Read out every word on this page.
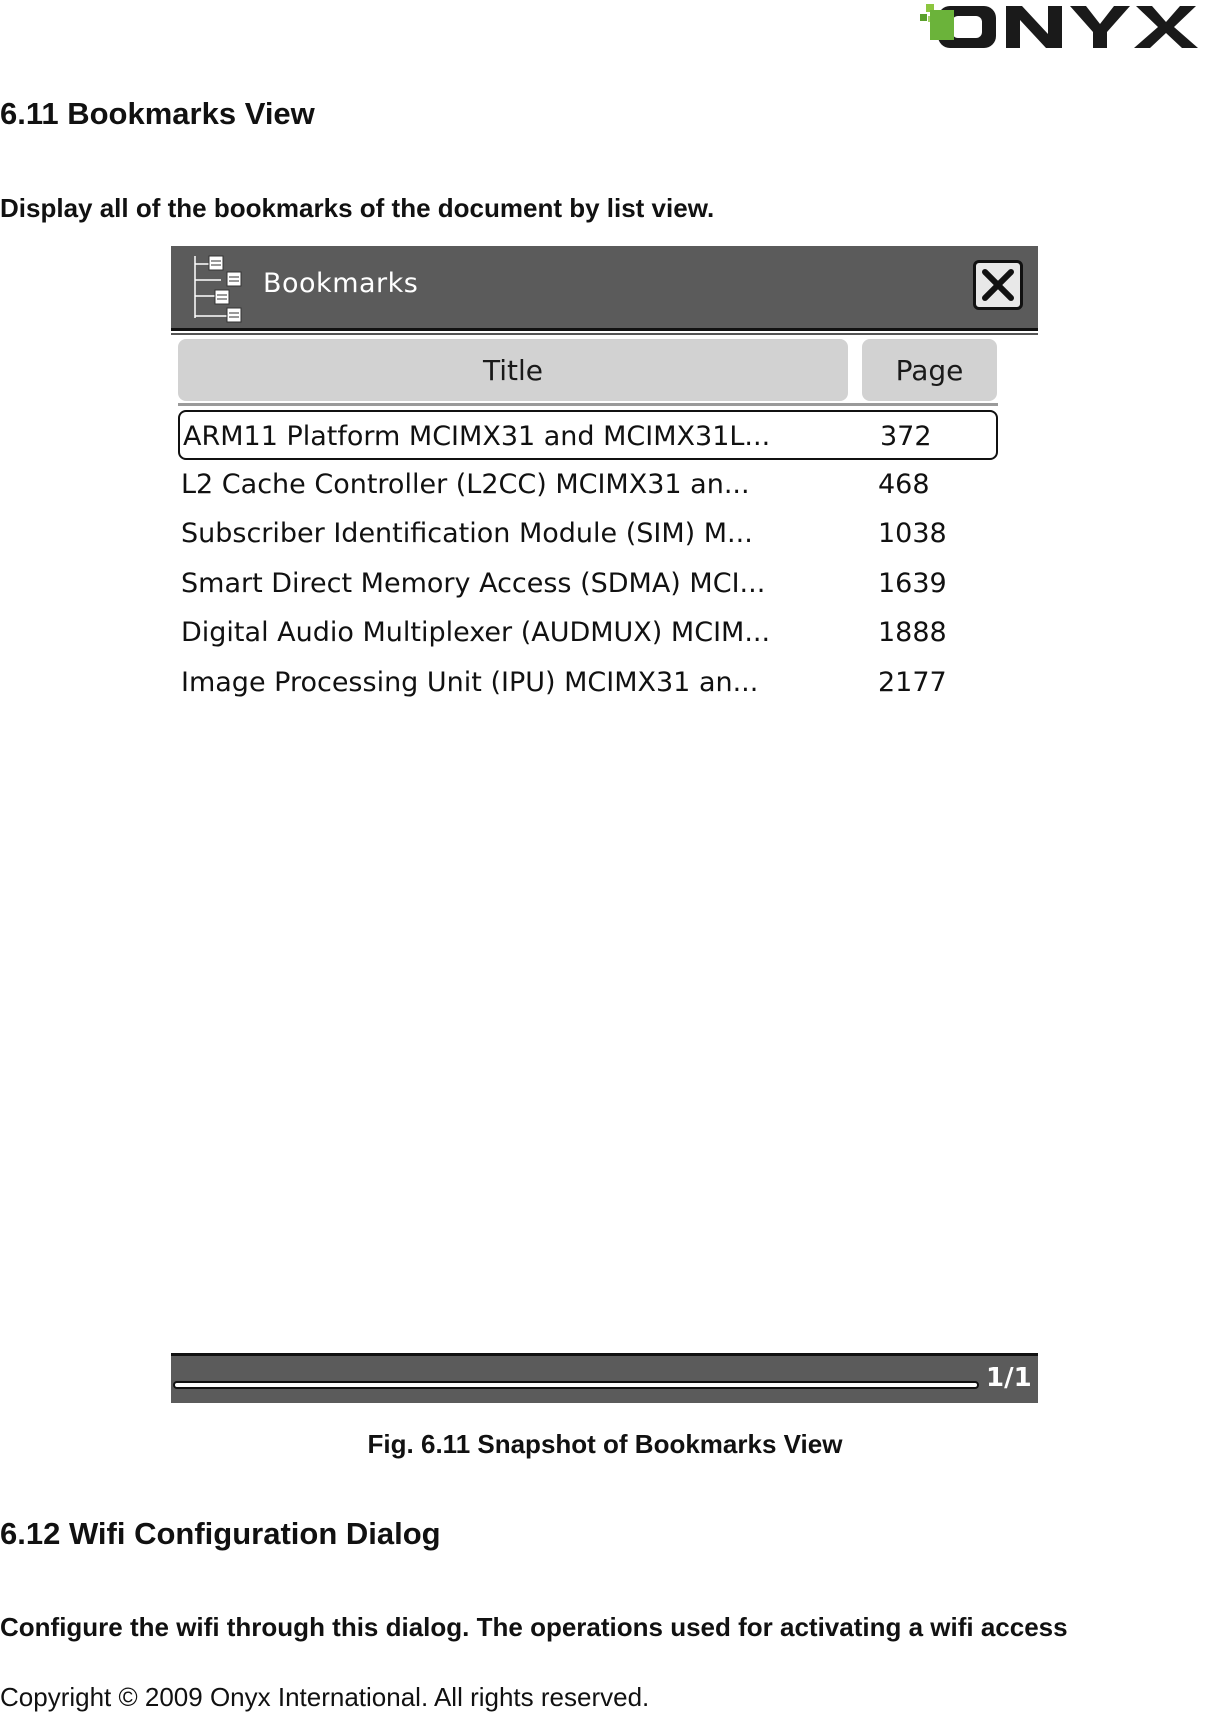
6.11 Bookmarks View

Display all of the bookmarks of the document by list view.

Bookmarks
Title	Page
ARM11 Platform MCIMX31 and MCIMX31L...	372
L2 Cache Controller (L2CC) MCIMX31 an...	468
Subscriber Identification Module (SIM) M...	1038
Smart Direct Memory Access (SDMA) MCI...	1639
Digital Audio Multiplexer (AUDMUX) MCIM...	1888
Image Processing Unit (IPU) MCIMX31 an...	2177
1/1
Fig. 6.11 Snapshot of Bookmarks View
6.12 Wifi Configuration Dialog

Configure the wifi through this dialog. The operations used for activating a wifi access

Copyright © 2009 Onyx International. All rights reserved.
